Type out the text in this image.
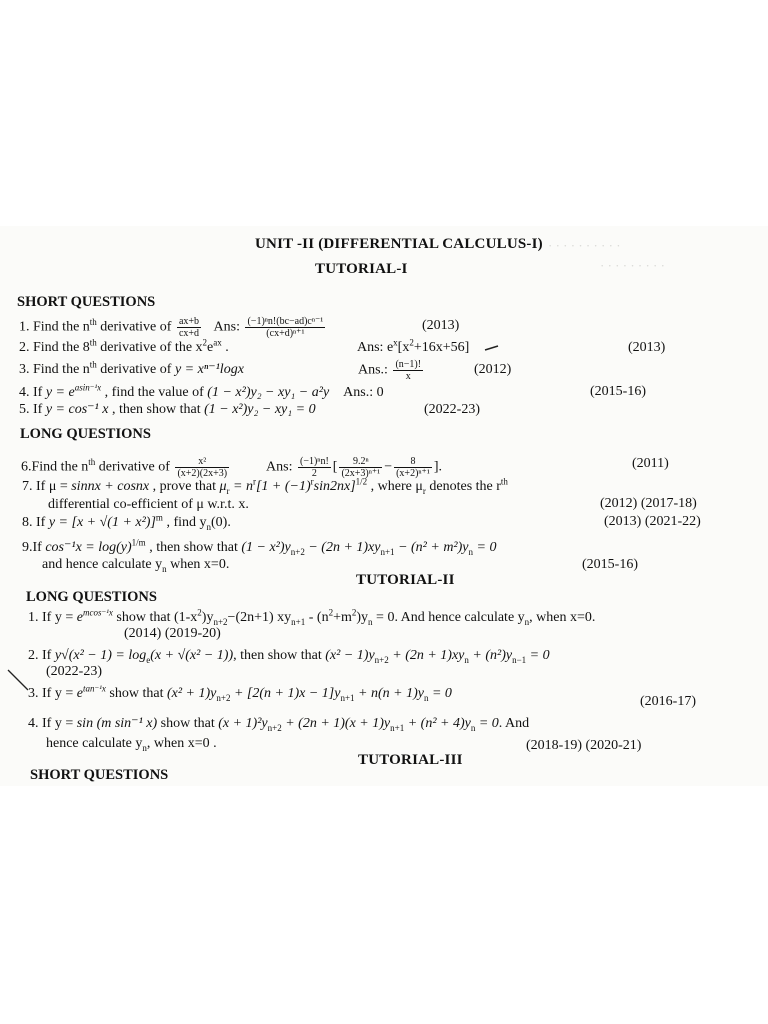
· · · · · · · · · ·
· · · · · · · · ·
UNIT -II (DIFFERENTIAL CALCULUS-I)
TUTORIAL-I
SHORT QUESTIONS
1. Find the $n^{th}$ derivative of $\frac{ax+b}{cx+d}$ Ans: $\frac{\text{(−1)ⁿn!(bc−ad)cⁿ⁻¹}}{\text{(cx+d)ⁿ⁺¹}}$	(2013)
2. Find the 8th derivative of the $x^2e^{ax}$ .	Ans: $e^x[x^2+16x+56]$	(2013)
3. Find the $n^{th}$ derivative of y = xⁿ⁻¹logx	Ans.: $\frac{(n-1)!}{x}$	(2012)
4. If $y = e^{asin^{-1}x}$ , find the value of (1 − x²)y₂ − xy₁ − a²y Ans.: 0	(2015-16)
5. If y = cos⁻¹ x , then show that (1 − x²)y₂ − xy₁ = 0	(2022-23)
LONG QUESTIONS
6.Find the $n^{th}$ derivative of $\frac{\text{x²}}{(x+2)(2x+3)}$	Ans: $\frac{\text{(−1)ⁿn!}}{2}$ [ $\frac{\text{9.2ⁿ}}{\text{(2x+3)ⁿ⁺¹}} - \frac{8}{\text{(x+2)ⁿ⁺¹}}$ ].	(2011)
7. If μ = sinnx + cosnx , prove that $\mu_r = n^r[1 + (-1)^r\sin 2nx]^{1/2}$ , where $\mu_r$ denotes the $r^{th}$
differential co-efficient of μ w.r.t. x.	(2012) (2017-18)
8. If $y = [x + √(1 + x^2)]^m$ , find $y_n(0)$.	(2013) (2021-22)
9.If $\cos^{-1}x = \log(y)^{1/m}$ , then show that $(1 - x^2)y_{n+2} - (2n + 1)xy_{n+1} - (n^2 + m^2)y_n = 0$
and hence calculate $y_n$ when x=0.	(2015-16)
TUTORIAL-II
LONG QUESTIONS
1. If $y = e^{mcos^{-1}x}$ show that $(1-x^2)y_{n+2}-(2n+1)$ $xy_{n+1} - (n^2+m^2)y_n = 0$. And hence calculate $y_n$, when x=0.
(2014) (2019-20)
2. If $y√(x^2 - 1) = \log_e(x + √(x^2 - 1))$, then show that $(x^2 - 1)y_{n+2} + (2n + 1)xy_n + (n^2)y_{n-1} = 0$
(2022-23)
3. If $y = e^{tan^{-1}x}$ show that $(x^2 + 1)y_{n+2} + [2(n + 1)x - 1]y_{n+1} + n(n + 1)y_n = 0$
(2016-17)
4. If y = sin (m sin⁻¹ x) show that $(x + 1)^2y_{n+2} + (2n + 1)(x + 1)y_{n+1} + (n^2 + 4)y_n = 0$. And
hence calculate $y_n$, when x=0 .	(2018-19) (2020-21)
TUTORIAL-III
SHORT QUESTIONS
